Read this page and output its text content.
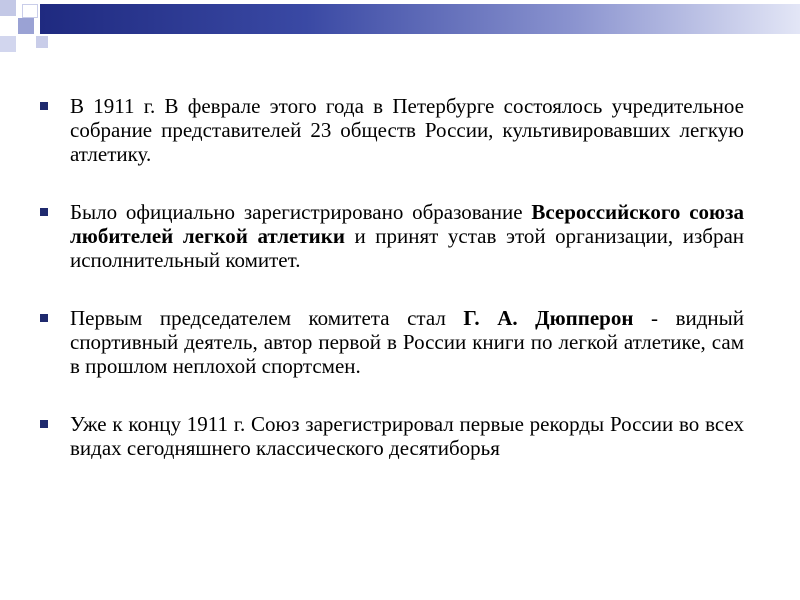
В 1911 г. В феврале этого года в Петербурге состоялось учредительное собрание представителей 23 обществ России, культивировавших легкую атлетику.
Было официально зарегистрировано образование Всероссийского союза любителей легкой атлетики и принят устав этой организации, избран исполнительный комитет.
Первым председателем комитета стал Г. А. Дюпперон - видный спортивный деятель, автор первой в России книги по легкой атлетике, сам в прошлом неплохой спортсмен.
Уже к концу 1911 г. Союз зарегистрировал первые рекорды России во всех видах сегодняшнего классического десятиборья
